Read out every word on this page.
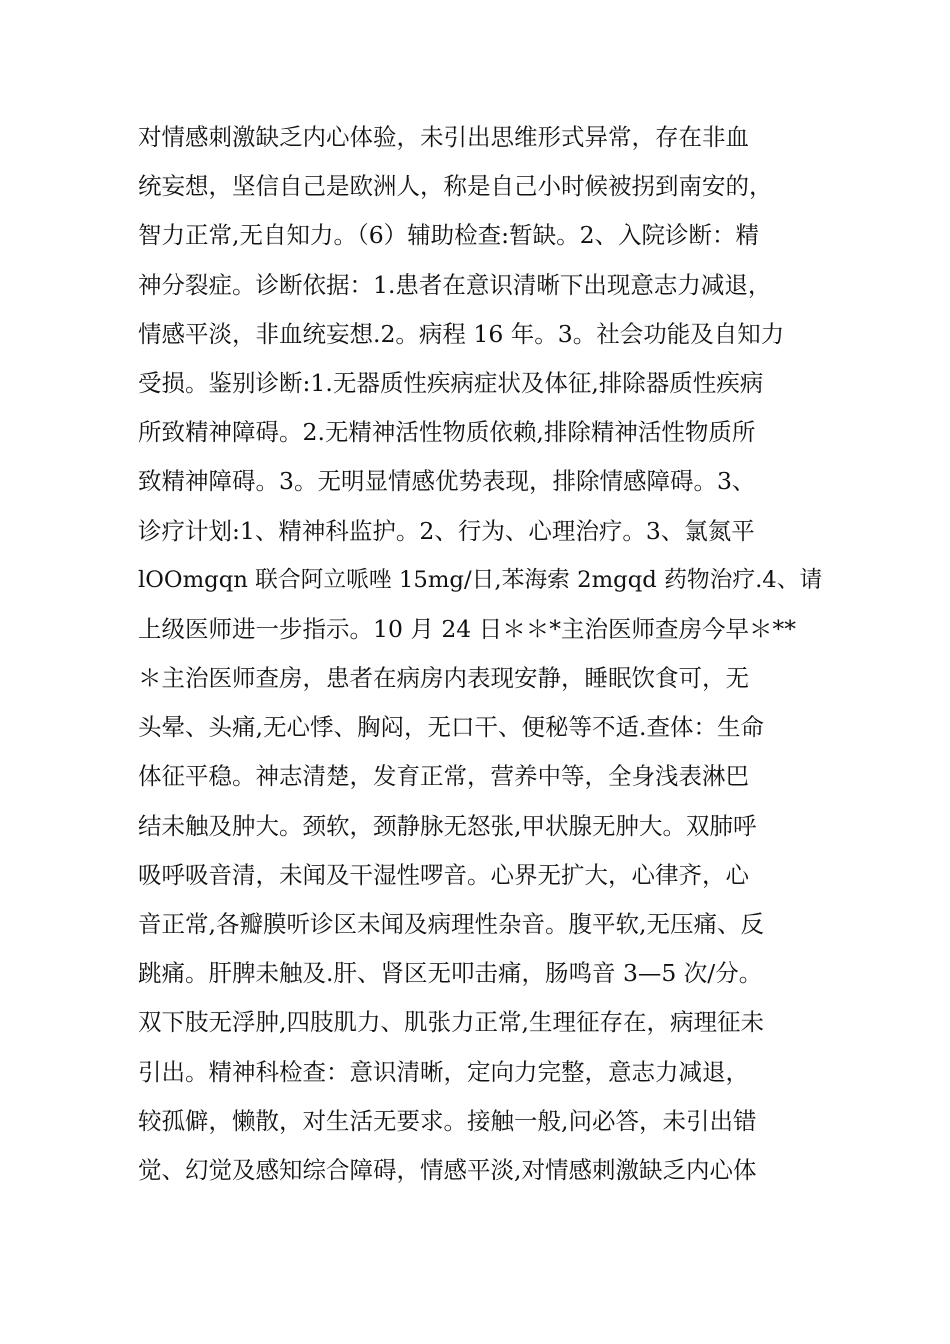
对情感刺激缺乏内心体验，未引出思维形式异常，存在非血
统妄想，坚信自己是欧洲人，称是自己小时候被拐到南安的，
智力正常,无自知力。（6）辅助检查:暂缺。2、入院诊断：精
神分裂症。诊断依据：1.患者在意识清晰下出现意志力减退，
情感平淡，非血统妄想.2。病程 16 年。3。社会功能及自知力
受损。鉴别诊断:1.无器质性疾病症状及体征,排除器质性疾病
所致精神障碍。2.无精神活性物质依赖,排除精神活性物质所
致精神障碍。3。无明显情感优势表现，排除情感障碍。3、
诊疗计划:1、精神科监护。2、行为、心理治疗。3、氯氮平
lOOmgqn 联合阿立哌唑 15mg/日,苯海索 2mgqd 药物治疗.4、请
上级医师进一步指示。10 月 24 日＊＊*主治医师查房今早＊**
＊主治医师查房，患者在病房内表现安静，睡眠饮食可，无
头晕、头痛,无心悸、胸闷，无口干、便秘等不适.查体：生命
体征平稳。神志清楚，发育正常，营养中等，全身浅表淋巴
结未触及肿大。颈软，颈静脉无怒张,甲状腺无肿大。双肺呼
吸呼吸音清，未闻及干湿性啰音。心界无扩大，心律齐，心
音正常,各瓣膜听诊区未闻及病理性杂音。腹平软,无压痛、反
跳痛。肝脾未触及.肝、肾区无叩击痛，肠鸣音 3—5 次/分。
双下肢无浮肿,四肢肌力、肌张力正常,生理征存在，病理征未
引出。精神科检查：意识清晰，定向力完整，意志力减退，
较孤僻，懒散，对生活无要求。接触一般,问必答，未引出错
觉、幻觉及感知综合障碍，情感平淡,对情感刺激缺乏内心体
